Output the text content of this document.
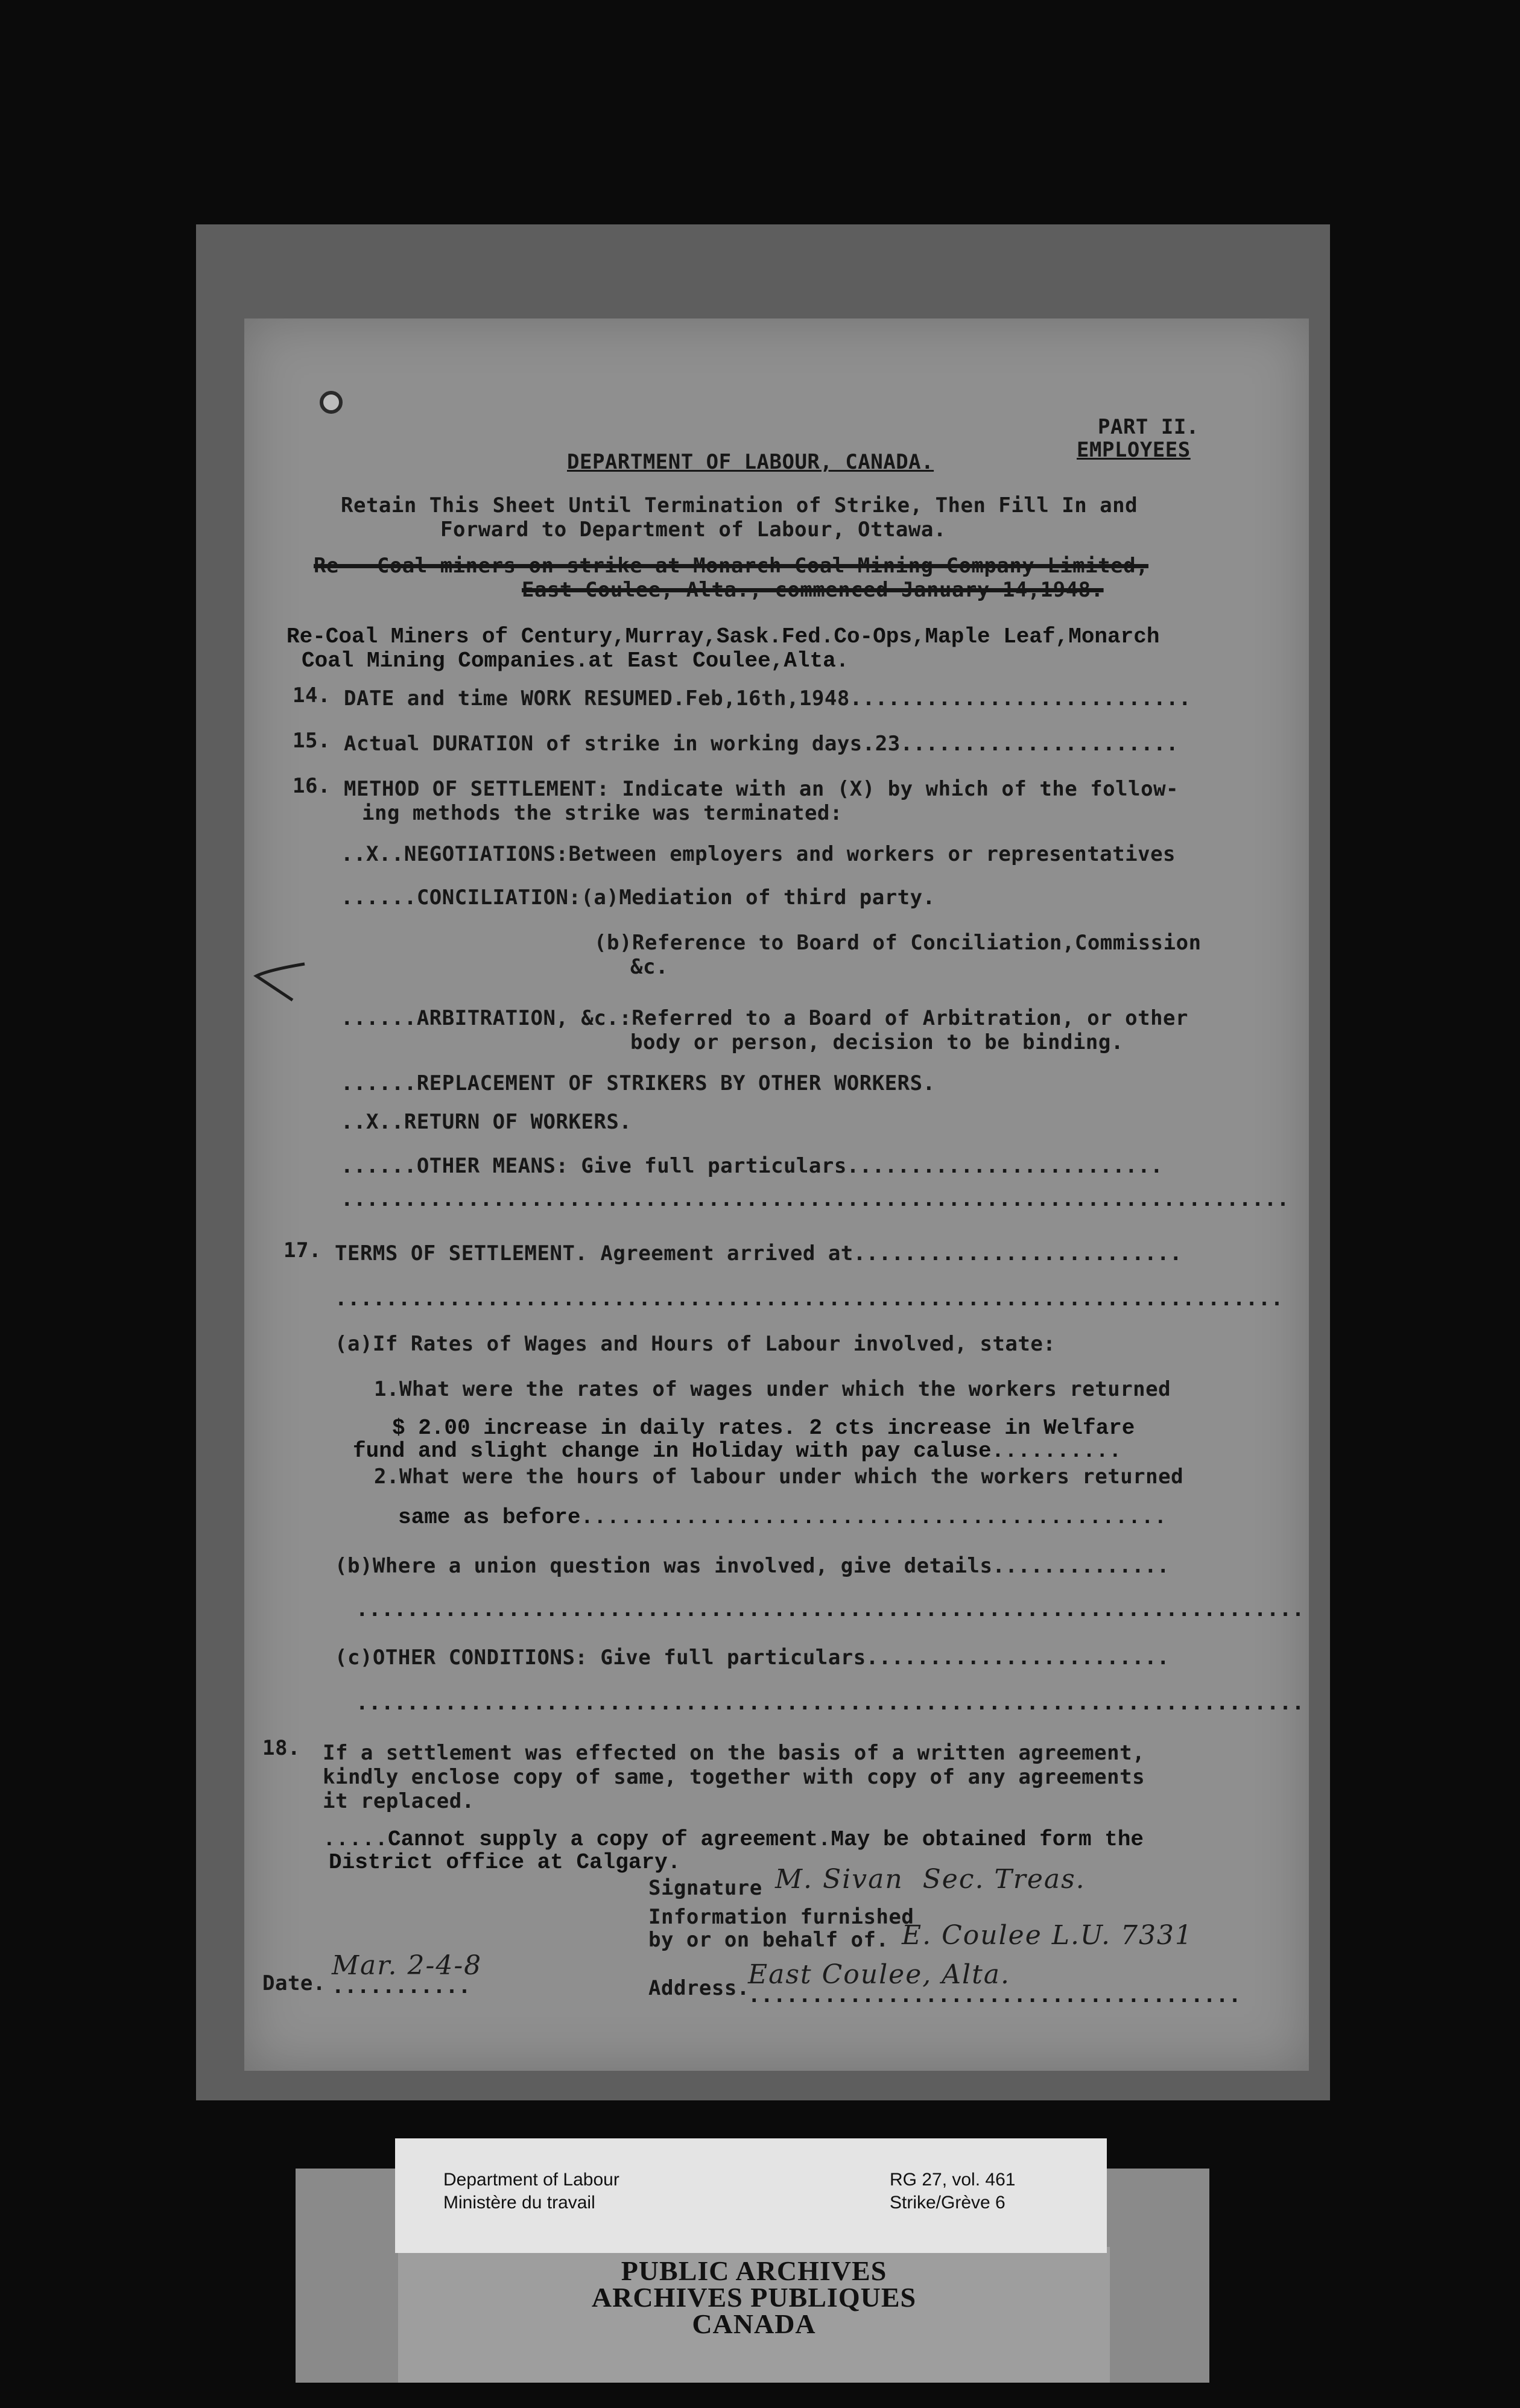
PART II.
EMPLOYEES
DEPARTMENT OF LABOUR, CANADA.
Retain This Sheet Until Termination of Strike, Then Fill In and
Forward to Department of Labour, Ottawa.
Re - Coal miners on strike at Monarch Coal Mining Company Limited,
East Coulee, Alta., commenced January 14,1948.
Re-Coal Miners of Century,Murray,Sask.Fed.Co-Ops,Maple Leaf,Monarch
Coal Mining Companies.at East Coulee,Alta.
14. DATE and time WORK RESUMED.Feb,16th,1948...........................
15. Actual DURATION of strike in working days.23......................
16. METHOD OF SETTLEMENT: Indicate with an (X) by which of the follow-
ing methods the strike was terminated:
..X..NEGOTIATIONS:Between employers and workers or representatives
......CONCILIATION:(a)Mediation of third party.
(b)Reference to Board of Conciliation,Commission
&c.
......ARBITRATION, &c.:Referred to a Board of Arbitration, or other
body or person, decision to be binding.
......REPLACEMENT OF STRIKERS BY OTHER WORKERS.
..X..RETURN OF WORKERS.
......OTHER MEANS: Give full particulars.........................
...........................................................................
17. TERMS OF SETTLEMENT. Agreement arrived at..........................
...........................................................................
(a)If Rates of Wages and Hours of Labour involved, state:
1.What were the rates of wages under which the workers returned
$ 2.00 increase in daily rates. 2 cts increase in Welfare
fund and slight change in Holiday with pay caluse..........
2.What were the hours of labour under which the workers returned
same as before.............................................
(b)Where a union question was involved, give details..............
...........................................................................
(c)OTHER CONDITIONS: Give full particulars........................
...........................................................................
18. If a settlement was effected on the basis of a written agreement,
kindly enclose copy of same, together with copy of any agreements
it replaced.
.....Cannot supply a copy of agreement.May be obtained form the
District office at Calgary.
Signature M. Sivan  Sec. Treas.
Information furnished
by or on behalf of. E. Coulee L.U. 7331
Date.
Mar. 2-4-8
...........	Address.
East Coulee, Alta.
.......................................
PUBLIC ARCHIVES
ARCHIVES PUBLIQUES
CANADA
Department of Labour
Ministère du travail
RG 27, vol. 461
Strike/Grève 6
